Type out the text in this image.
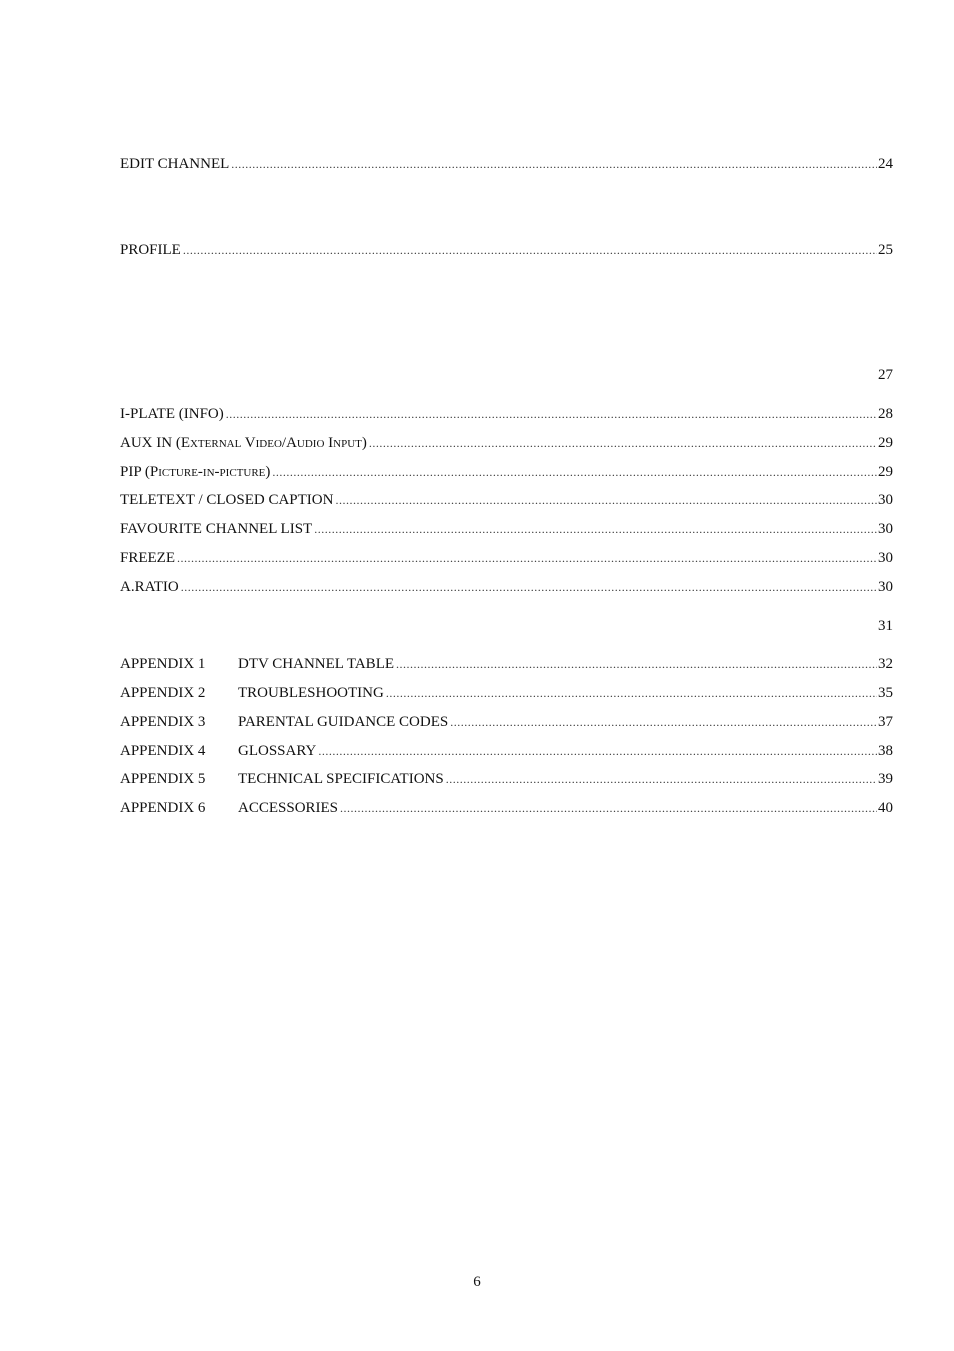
EDIT CHANNEL .....	24
PROFILE .....	25
27
I-PLATE (INFO) .....	28
AUX IN (External Video/Audio Input) .....	29
PIP (Picture-in-picture) .....	29
TELETEXT / CLOSED CAPTION .....	30
FAVOURITE CHANNEL LIST .....	30
FREEZE .....	30
A.RATIO .....	30
31
APPENDIX 1	DTV CHANNEL TABLE .....	32
APPENDIX 2	TROUBLESHOOTING .....	35
APPENDIX 3	PARENTAL GUIDANCE CODES .....	37
APPENDIX 4	GLOSSARY .....	38
APPENDIX 5	TECHNICAL SPECIFICATIONS .....	39
APPENDIX 6	ACCESSORIES .....	40
6
